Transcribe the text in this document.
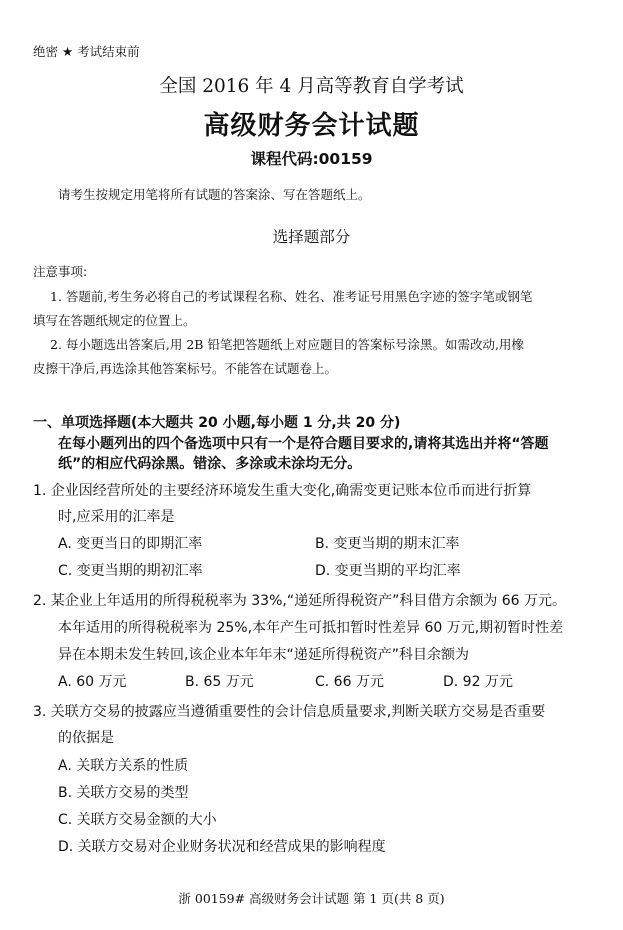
绝密 ★ 考试结束前
全国 2016 年 4 月高等教育自学考试
高级财务会计试题
课程代码:00159
请考生按规定用笔将所有试题的答案涂、写在答题纸上。
选择题部分
注意事项:
1. 答题前,考生务必将自己的考试课程名称、姓名、准考证号用黑色字迹的签字笔或钢笔
填写在答题纸规定的位置上。
2. 每小题选出答案后,用 2B 铅笔把答题纸上对应题目的答案标号涂黑。如需改动,用橡
皮擦干净后,再选涂其他答案标号。不能答在试题卷上。
一、单项选择题(本大题共 20 小题,每小题 1 分,共 20 分)
在每小题列出的四个备选项中只有一个是符合题目要求的,请将其选出并将“答题
纸”的相应代码涂黑。错涂、多涂或未涂均无分。
1. 企业因经营所处的主要经济环境发生重大变化,确需变更记账本位币而进行折算
时,应采用的汇率是
A. 变更当日的即期汇率	B. 变更当期的期末汇率
C. 变更当期的期初汇率	D. 变更当期的平均汇率
2. 某企业上年适用的所得税税率为 33%,“递延所得税资产”科目借方余额为 66 万元。
本年适用的所得税税率为 25%,本年产生可抵扣暂时性差异 60 万元,期初暂时性差
异在本期未发生转回,该企业本年年末“递延所得税资产”科目余额为
A. 60 万元	B. 65 万元	C. 66 万元	D. 92 万元
3. 关联方交易的披露应当遵循重要性的会计信息质量要求,判断关联方交易是否重要
的依据是
A. 关联方关系的性质
B. 关联方交易的类型
C. 关联方交易金额的大小
D. 关联方交易对企业财务状况和经营成果的影响程度
浙 00159# 高级财务会计试题 第 1 页(共 8 页)
